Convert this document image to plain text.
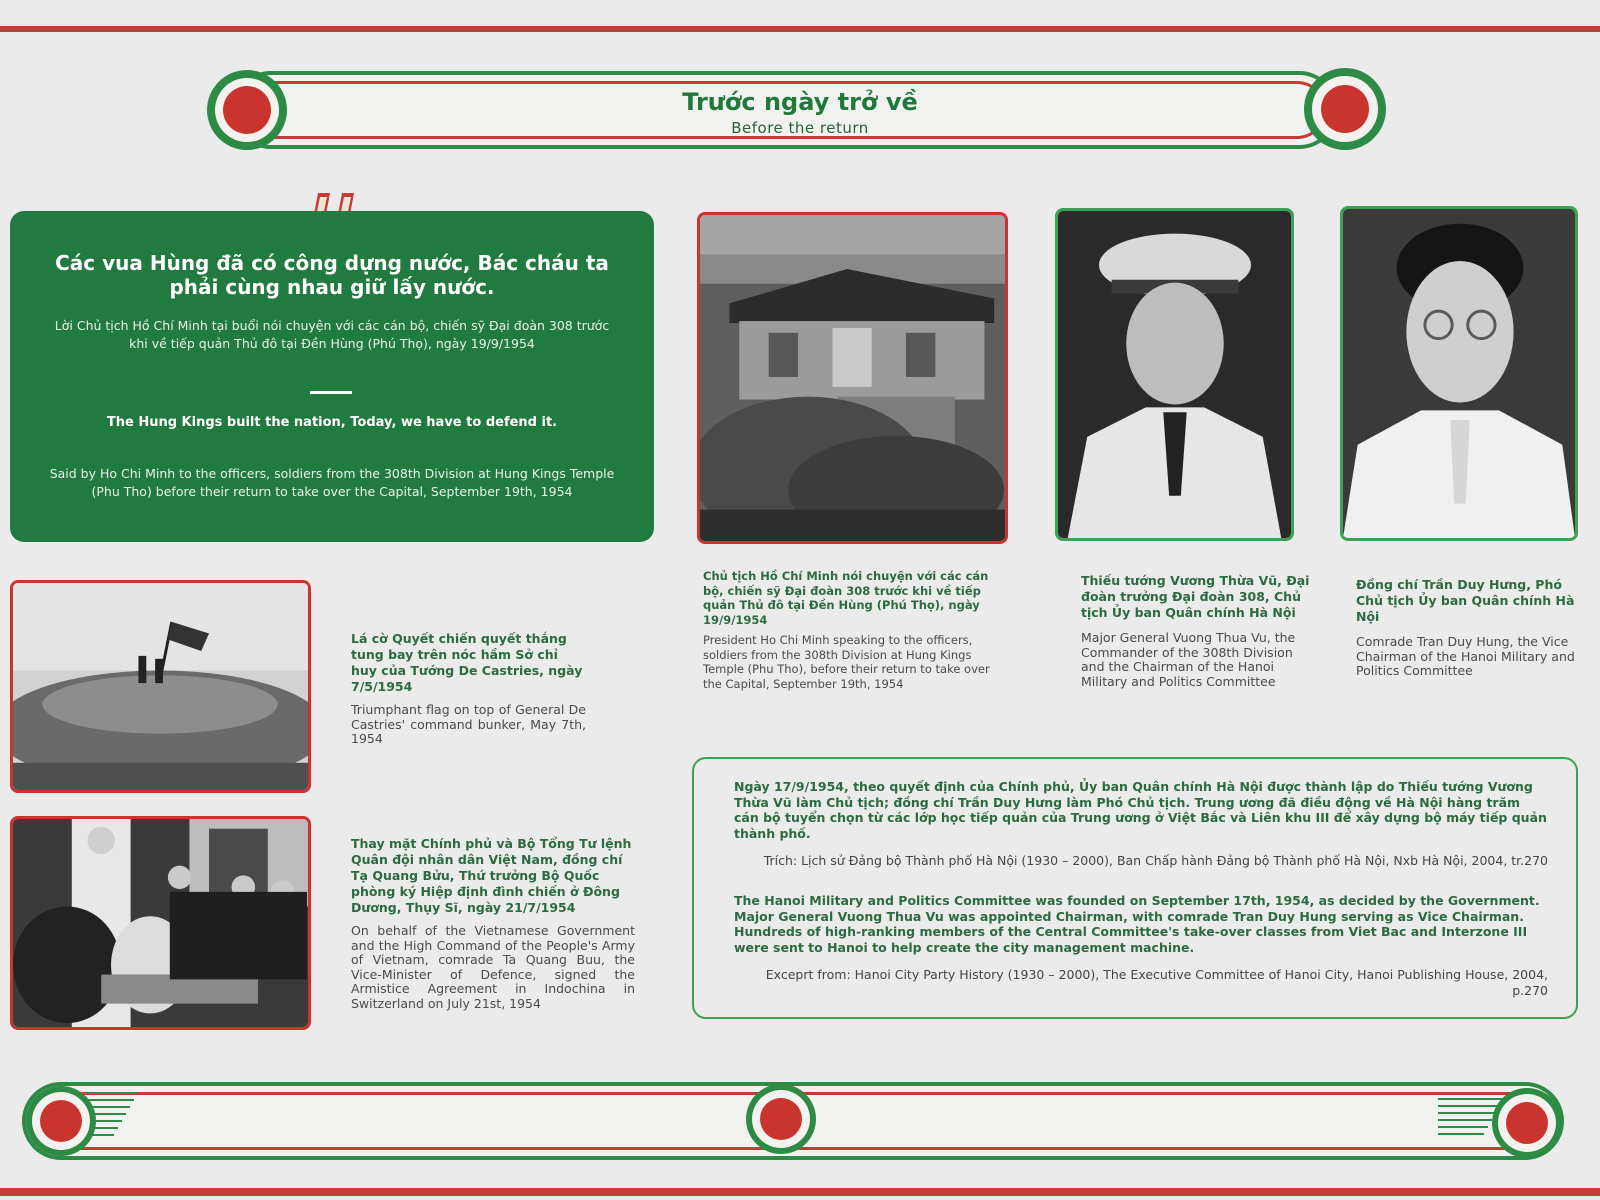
Trước ngày trở về
Before the return
Các vua Hùng đã có công dựng nước, Bác cháu ta phải cùng nhau giữ lấy nước.
Lời Chủ tịch Hồ Chí Minh tại buổi nói chuyện với các cán bộ, chiến sỹ Đại đoàn 308 trước khi về tiếp quản Thủ đô tại Đền Hùng (Phú Thọ), ngày 19/9/1954
The Hung Kings built the nation, Today, we have to defend it.
Said by Ho Chi Minh to the officers, soldiers from the 308th Division at Hung Kings Temple (Phu Tho) before their return to take over the Capital, September 19th, 1954
Lá cờ Quyết chiến quyết thắng tung bay trên nóc hầm Sở chỉ huy của Tướng De Castries, ngày 7/5/1954
Triumphant flag on top of General De Castries' command bunker, May 7th, 1954
Thay mặt Chính phủ và Bộ Tổng Tư lệnh Quân đội nhân dân Việt Nam, đồng chí Tạ Quang Bửu, Thứ trưởng Bộ Quốc phòng ký Hiệp định đình chiến ở Đông Dương, Thụy Sĩ, ngày 21/7/1954
On behalf of the Vietnamese Government and the High Command of the People's Army of Vietnam, comrade Ta Quang Buu, the Vice-Minister of Defence, signed the Armistice Agreement in Indochina in Switzerland on July 21st, 1954
Chủ tịch Hồ Chí Minh nói chuyện với các cán bộ, chiến sỹ Đại đoàn 308 trước khi về tiếp quản Thủ đô tại Đền Hùng (Phú Thọ), ngày 19/9/1954
President Ho Chi Minh speaking to the officers, soldiers from the 308th Division at Hung Kings Temple (Phu Tho), before their return to take over the Capital, September 19th, 1954
Thiếu tướng Vương Thừa Vũ, Đại đoàn trưởng Đại đoàn 308, Chủ tịch Ủy ban Quân chính Hà Nội
Major General Vuong Thua Vu, the Commander of the 308th Division and the Chairman of the Hanoi Military and Politics Committee
Đồng chí Trần Duy Hưng, Phó Chủ tịch Ủy ban Quân chính Hà Nội
Comrade Tran Duy Hung, the Vice Chairman of the Hanoi Military and Politics Committee

Ngày 17/9/1954, theo quyết định của Chính phủ, Ủy ban Quân chính Hà Nội được thành lập do Thiếu tướng Vương Thừa Vũ làm Chủ tịch; đồng chí Trần Duy Hưng làm Phó Chủ tịch. Trung ương đã điều động về Hà Nội hàng trăm cán bộ tuyển chọn từ các lớp học tiếp quản của Trung ương ở Việt Bắc và Liên khu III để xây dựng bộ máy tiếp quản thành phố.

Trích: Lịch sử Đảng bộ Thành phố Hà Nội (1930 – 2000), Ban Chấp hành Đảng bộ Thành phố Hà Nội, Nxb Hà Nội, 2004, tr.270

The Hanoi Military and Politics Committee was founded on September 17th, 1954, as decided by the Government. Major General Vuong Thua Vu was appointed Chairman, with comrade Tran Duy Hung serving as Vice Chairman. Hundreds of high-ranking members of the Central Committee's take-over classes from Viet Bac and Interzone III were sent to Hanoi to help create the city management machine.

Exceprt from: Hanoi City Party History (1930 – 2000), The Executive Committee of Hanoi City, Hanoi Publishing House, 2004, p.270
